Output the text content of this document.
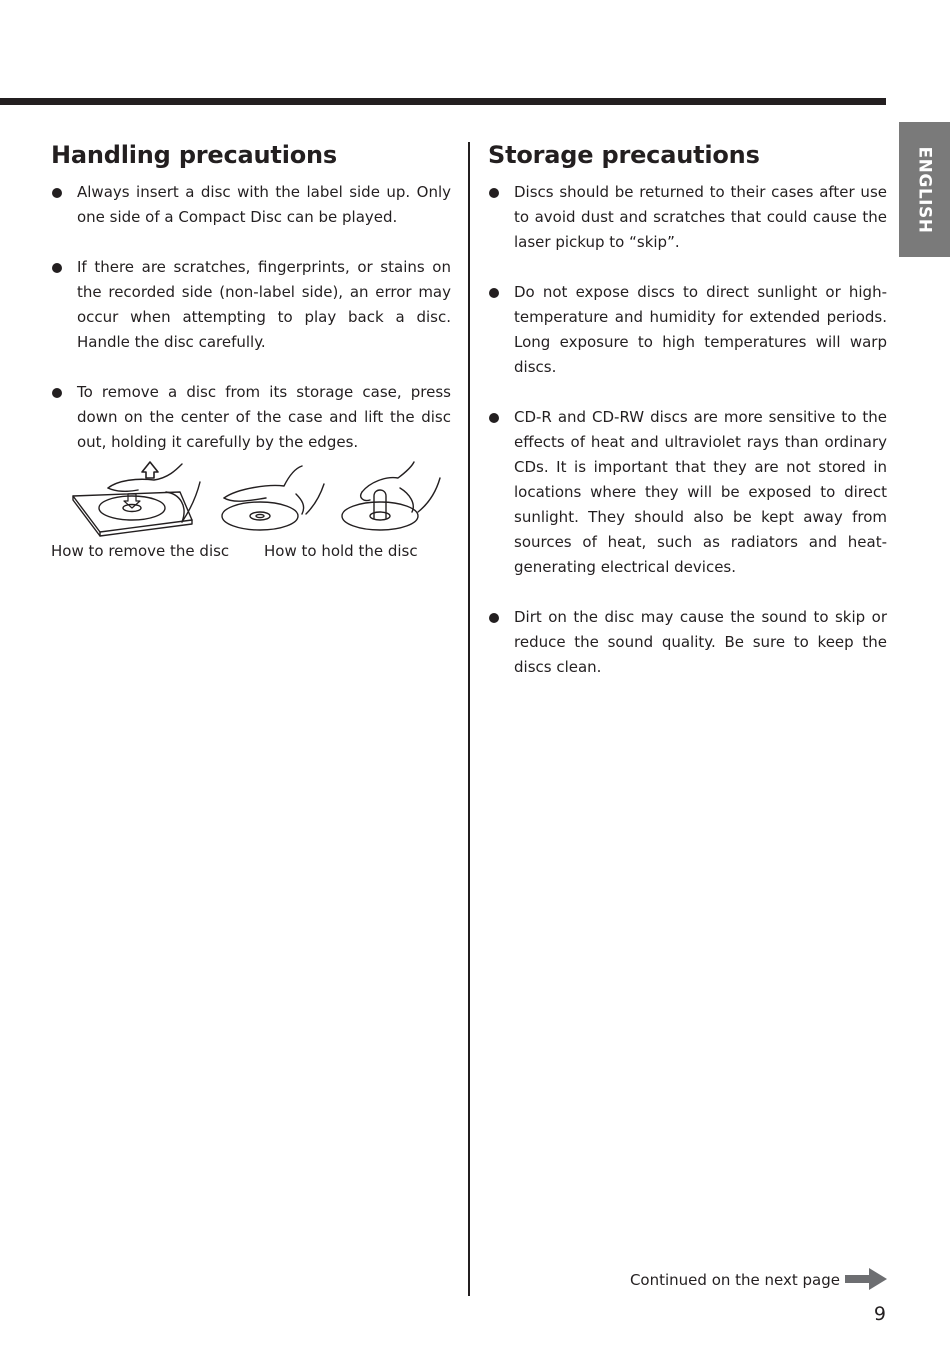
ENGLISH
Handling precautions
Always insert a disc with the label side up. Only one side of a Compact Disc can be played.
If there are scratches, fingerprints, or stains on the recorded side (non-label side), an error may occur when attempting to play back a disc. Handle the disc carefully.
To remove a disc from its storage case, press down on the center of the case and lift the disc out, holding it carefully by the edges.
How to remove the disc How to hold the disc
Storage precautions
Discs should be returned to their cases after use to avoid dust and scratches that could cause the laser pickup to “skip”.
Do not expose discs to direct sunlight or high-temperature and humidity for extended periods. Long exposure to high temperatures will warp discs.
CD-R and CD-RW discs are more sensitive to the effects of heat and ultraviolet rays than ordinary CDs. It is important that they are not stored in locations where they will be exposed to direct sunlight. They should also be kept away from sources of heat, such as radiators and heat-generating electrical devices.
Dirt on the disc may cause the sound to skip or reduce the sound quality. Be sure to keep the discs clean.
Continued on the next page
9
